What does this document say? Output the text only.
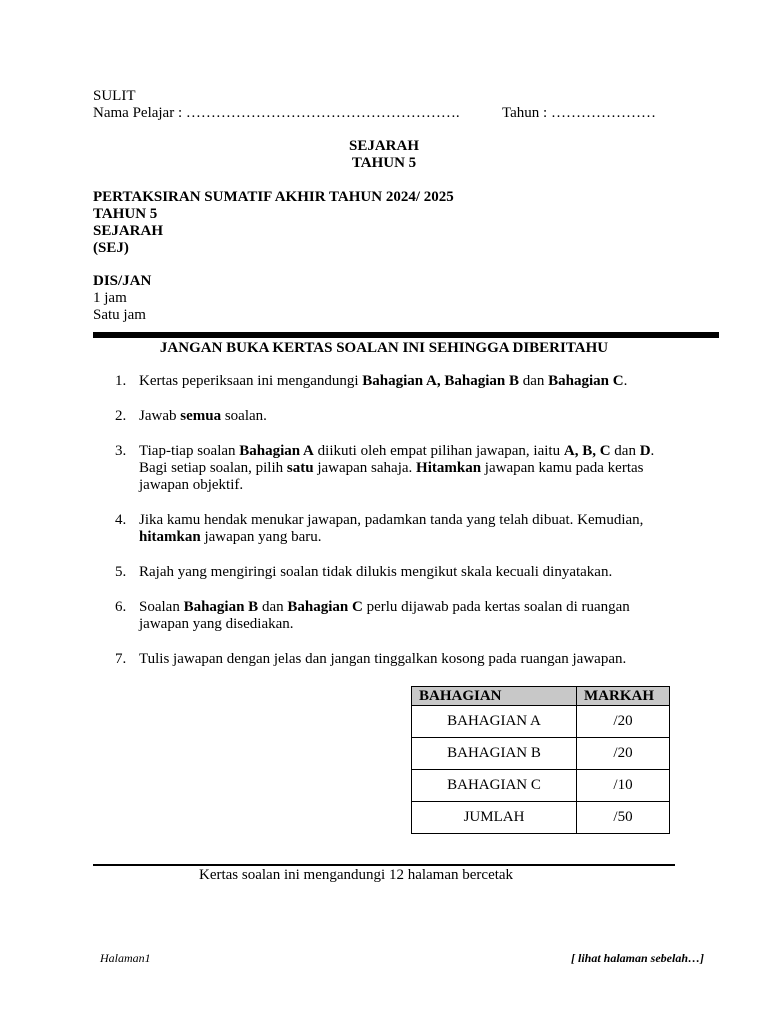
SULIT
Nama Pelajar : ……………………………………………….	Tahun : …………………
SEJARAH
TAHUN 5
PERTAKSIRAN SUMATIF AKHIR TAHUN 2024/ 2025
TAHUN 5
SEJARAH
(SEJ)
DIS/JAN
1 jam
Satu jam
JANGAN BUKA KERTAS SOALAN INI SEHINGGA DIBERITAHU
1. Kertas peperiksaan ini mengandungi Bahagian A, Bahagian B dan Bahagian C.
2. Jawab semua soalan.
3. Tiap-tiap soalan Bahagian A diikuti oleh empat pilihan jawapan, iaitu A, B, C dan D. Bagi setiap soalan, pilih satu jawapan sahaja. Hitamkan jawapan kamu pada kertas jawapan objektif.
4. Jika kamu hendak menukar jawapan, padamkan tanda yang telah dibuat. Kemudian, hitamkan jawapan yang baru.
5. Rajah yang mengiringi soalan tidak dilukis mengikut skala kecuali dinyatakan.
6. Soalan Bahagian B dan Bahagian C perlu dijawab pada kertas soalan di ruangan jawapan yang disediakan.
7. Tulis jawapan dengan jelas dan jangan tinggalkan kosong pada ruangan jawapan.
BAHAGIAN	MARKAH
BAHAGIAN A	/20
BAHAGIAN B	/20
BAHAGIAN C	/10
JUMLAH	/50
Kertas soalan ini mengandungi 12 halaman bercetak
Halaman1	[ lihat halaman sebelah…]
